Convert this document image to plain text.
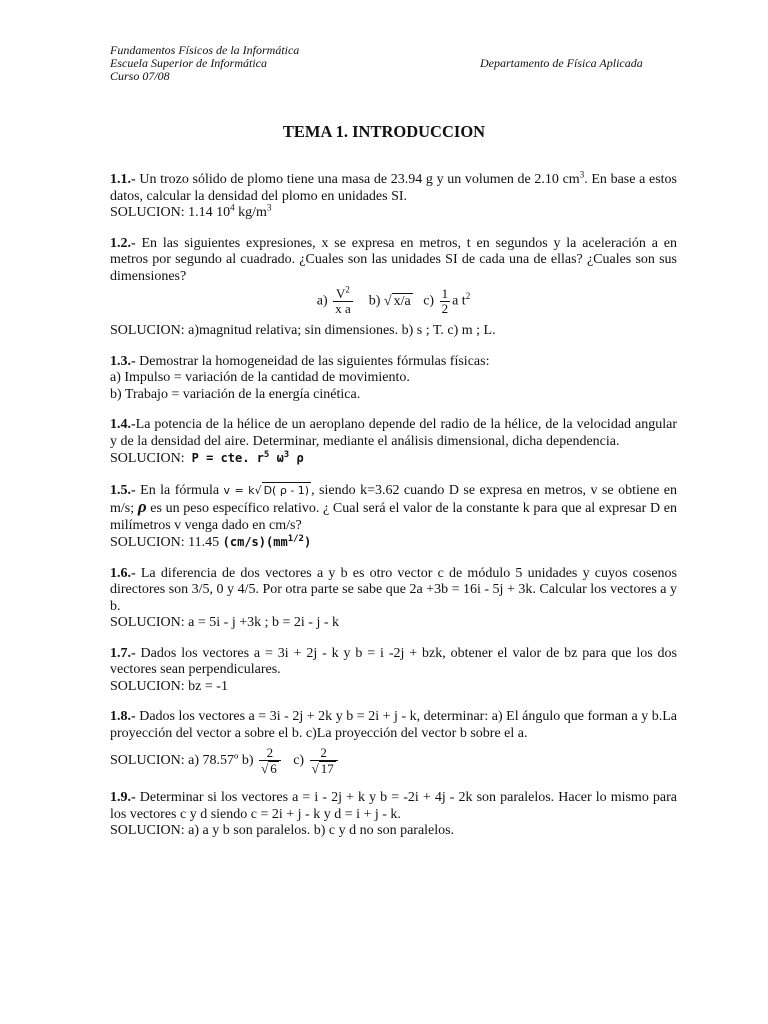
Fundamentos Físicos de la Informática
Escuela Superior de Informática
Curso 07/08
Departamento de Física Aplicada
TEMA 1. INTRODUCCION

1.1.- Un trozo sólido de plomo tiene una masa de 23.94 g y un volumen de 2.10 $cm^3$. En base a estos datos, calcular la densidad del plomo en unidades SI.

SOLUCION: 1.14 $10^4$ $kg/m^3$

1.2.- En las siguientes expresiones, x se expresa en metros, t en segundos y la aceleración a en metros por segundo al cuadrado. ¿Cuales son las unidades SI de cada una de ellas? ¿Cuales son sus dimensiones?

$a) \frac{V^2}{\text{x a}} b$) √ x/a $c) \frac{1}{2}$ a $t^2$

SOLUCION: a)magnitud relativa; sin dimensiones. b) s ; T. c) m ; L.

1.3.- Demostrar la homogeneidad de las siguientes fórmulas físicas:

a) Impulso = variación de la cantidad de movimiento.

b) Trabajo = variación de la energía cinética.

1.4.-La potencia de la hélice de un aeroplano depende del radio de la hélice, de la velocidad angular y de la densidad del aire. Determinar, mediante el análisis dimensional, dicha dependencia.

SOLUCION: P = cte. $r^5$ $\omega^3$ ρ

1.5.- En la fórmula v = k√ D( ρ - 1) , siendo k=3.62 cuando D se expresa en metros, v se obtiene en m/s; ρ es un peso específico relativo. ¿ Cual será el valor de la constante k para que al expresar D en milímetros v venga dado en cm/s?

SOLUCION: 11.45 $(cm/s)(mm^{1/2})$

1.6.- La diferencia de dos vectores a y b es otro vector c de módulo 5 unidades y cuyos cosenos directores son 3/5, 0 y 4/5. Por otra parte se sabe que 2a +3b = 16i - 5j + 3k. Calcular los vectores a y b.

SOLUCION: a = 5i - j +3k ; b = 2i - j - k

1.7.- Dados los vectores a = 3i + 2j - k y b = i -2j + bzk, obtener el valor de bz para que los dos vectores sean perpendiculares.

SOLUCION: bz = -1

1.8.- Dados los vectores a = 3i - 2j + 2k y b = 2i + j - k, determinar: a) El ángulo que forman a y b.La proyección del vector a sobre el b. c)La proyección del vector b sobre el a.

SOLUCION: a) 78.57º $b) \frac{2}{√ 6} c) \frac{2}{√ 17}$

1.9.- Determinar si los vectores a = i - 2j + k y b = -2i + 4j - 2k son paralelos. Hacer lo mismo para los vectores c y d siendo c = 2i + j - k y d = i + j - k.

SOLUCION: a) a y b son paralelos. b) c y d no son paralelos.
